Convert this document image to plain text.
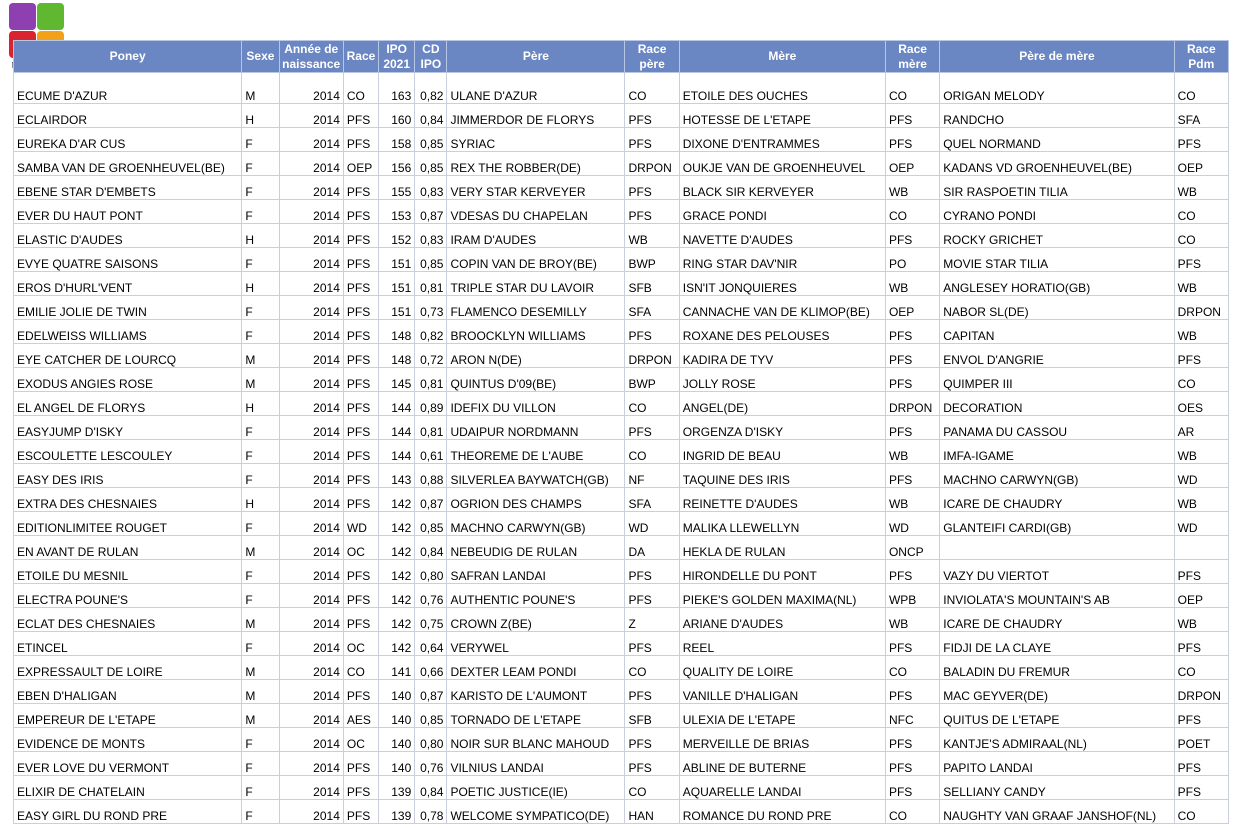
Poney	Sexe	Année de naissance	Race	IPO 2021	CD IPO	Père	Race père	Mère	Race mère	Père de mère	Race Pdm
ECUME D'AZUR	M	2014	CO	163	0,82	ULANE D'AZUR	CO	ETOILE DES OUCHES	CO	ORIGAN MELODY	CO
ECLAIRDOR	H	2014	PFS	160	0,84	JIMMERDOR DE FLORYS	PFS	HOTESSE DE L'ETAPE	PFS	RANDCHO	SFA
EUREKA D'AR CUS	F	2014	PFS	158	0,85	SYRIAC	PFS	DIXONE D'ENTRAMMES	PFS	QUEL NORMAND	PFS
SAMBA VAN DE GROENHEUVEL(BE)	F	2014	OEP	156	0,85	REX THE ROBBER(DE)	DRPON	OUKJE VAN DE GROENHEUVEL	OEP	KADANS VD GROENHEUVEL(BE)	OEP
EBENE STAR D'EMBETS	F	2014	PFS	155	0,83	VERY STAR KERVEYER	PFS	BLACK SIR KERVEYER	WB	SIR RASPOETIN TILIA	WB
EVER DU HAUT PONT	F	2014	PFS	153	0,87	VDESAS DU CHAPELAN	PFS	GRACE PONDI	CO	CYRANO PONDI	CO
ELASTIC D'AUDES	H	2014	PFS	152	0,83	IRAM D'AUDES	WB	NAVETTE D'AUDES	PFS	ROCKY GRICHET	CO
EVYE QUATRE SAISONS	F	2014	PFS	151	0,85	COPIN VAN DE BROY(BE)	BWP	RING STAR DAV'NIR	PO	MOVIE STAR TILIA	PFS
EROS D'HURL'VENT	H	2014	PFS	151	0,81	TRIPLE STAR DU LAVOIR	SFB	ISN'IT JONQUIERES	WB	ANGLESEY HORATIO(GB)	WB
EMILIE JOLIE DE TWIN	F	2014	PFS	151	0,73	FLAMENCO DESEMILLY	SFA	CANNACHE VAN DE KLIMOP(BE)	OEP	NABOR SL(DE)	DRPON
EDELWEISS WILLIAMS	F	2014	PFS	148	0,82	BROOCKLYN WILLIAMS	PFS	ROXANE DES PELOUSES	PFS	CAPITAN	WB
EYE CATCHER DE LOURCQ	M	2014	PFS	148	0,72	ARON N(DE)	DRPON	KADIRA DE TYV	PFS	ENVOL D'ANGRIE	PFS
EXODUS ANGIES ROSE	M	2014	PFS	145	0,81	QUINTUS D'09(BE)	BWP	JOLLY ROSE	PFS	QUIMPER III	CO
EL ANGEL DE FLORYS	H	2014	PFS	144	0,89	IDEFIX DU VILLON	CO	ANGEL(DE)	DRPON	DECORATION	OES
EASYJUMP D'ISKY	F	2014	PFS	144	0,81	UDAIPUR NORDMANN	PFS	ORGENZA D'ISKY	PFS	PANAMA DU CASSOU	AR
ESCOULETTE LESCOULEY	F	2014	PFS	144	0,61	THEOREME DE L'AUBE	CO	INGRID DE BEAU	WB	IMFA-IGAME	WB
EASY DES IRIS	F	2014	PFS	143	0,88	SILVERLEA BAYWATCH(GB)	NF	TAQUINE DES IRIS	PFS	MACHNO CARWYN(GB)	WD
EXTRA DES CHESNAIES	H	2014	PFS	142	0,87	OGRION DES CHAMPS	SFA	REINETTE D'AUDES	WB	ICARE DE CHAUDRY	WB
EDITIONLIMITEE ROUGET	F	2014	WD	142	0,85	MACHNO CARWYN(GB)	WD	MALIKA LLEWELLYN	WD	GLANTEIFI CARDI(GB)	WD
EN AVANT DE RULAN	M	2014	OC	142	0,84	NEBEUDIG DE RULAN	DA	HEKLA DE RULAN	ONCP		
ETOILE DU MESNIL	F	2014	PFS	142	0,80	SAFRAN LANDAI	PFS	HIRONDELLE DU PONT	PFS	VAZY DU VIERTOT	PFS
ELECTRA POUNE'S	F	2014	PFS	142	0,76	AUTHENTIC POUNE'S	PFS	PIEKE'S GOLDEN MAXIMA(NL)	WPB	INVIOLATA'S MOUNTAIN'S AB	OEP
ECLAT DES CHESNAIES	M	2014	PFS	142	0,75	CROWN Z(BE)	Z	ARIANE D'AUDES	WB	ICARE DE CHAUDRY	WB
ETINCEL	F	2014	OC	142	0,64	VERYWEL	PFS	REEL	PFS	FIDJI DE LA CLAYE	PFS
EXPRESSAULT DE LOIRE	M	2014	CO	141	0,66	DEXTER LEAM PONDI	CO	QUALITY DE LOIRE	CO	BALADIN DU FREMUR	CO
EBEN D'HALIGAN	M	2014	PFS	140	0,87	KARISTO DE L'AUMONT	PFS	VANILLE D'HALIGAN	PFS	MAC GEYVER(DE)	DRPON
EMPEREUR DE L'ETAPE	M	2014	AES	140	0,85	TORNADO DE L'ETAPE	SFB	ULEXIA DE L'ETAPE	NFC	QUITUS DE L'ETAPE	PFS
EVIDENCE DE MONTS	F	2014	OC	140	0,80	NOIR SUR BLANC MAHOUD	PFS	MERVEILLE DE BRIAS	PFS	KANTJE'S ADMIRAAL(NL)	POET
EVER LOVE DU VERMONT	F	2014	PFS	140	0,76	VILNIUS LANDAI	PFS	ABLINE DE BUTERNE	PFS	PAPITO LANDAI	PFS
ELIXIR DE CHATELAIN	F	2014	PFS	139	0,84	POETIC JUSTICE(IE)	CO	AQUARELLE LANDAI	PFS	SELLIANY CANDY	PFS
EASY GIRL DU ROND PRE	F	2014	PFS	139	0,78	WELCOME SYMPATICO(DE)	HAN	ROMANCE DU ROND PRE	CO	NAUGHTY VAN GRAAF JANSHOF(NL)	CO
